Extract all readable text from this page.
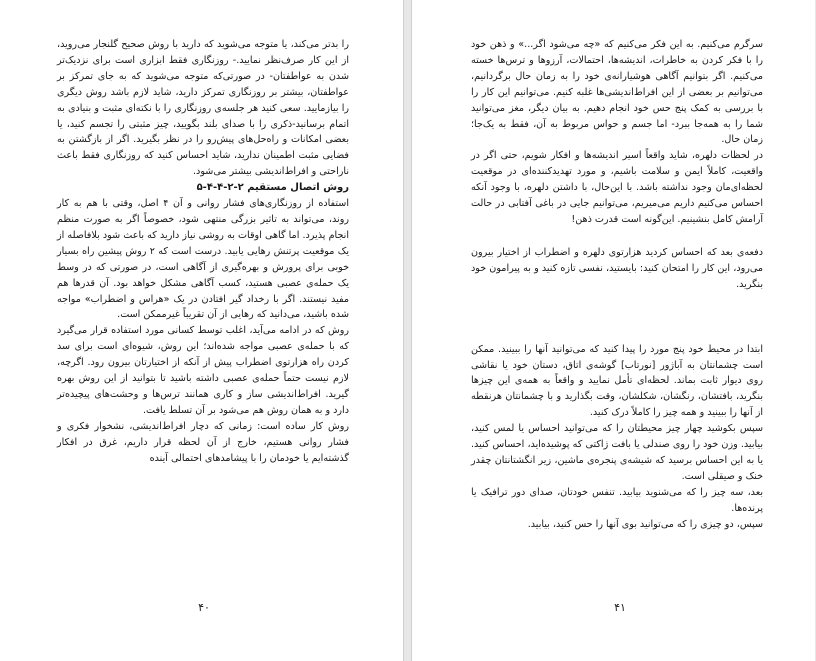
را بدتر می‌کند، یا متوجه می‌شوید که دارید با روش صحیح گلنجار می‌روید، از این کار صرف‌نظر نمایید.- روزنگاری فقط ابزاری است برای نزدیک‌تر شدن به عواطفتان- در صورتی‌که متوجه می‌شوید که به جای تمرکز بر عواطفتان، بیشتر بر روزنگاری تمرکز دارید، شاید لازم باشد روش دیگری را بیازمایید. سعی کنید هر جلسه‌ی روزنگاری را با نکته‌ای مثبت و بنیادی به اتمام برسانید-ذکری را با صدای بلند بگویید، چیز مثبتی را تجسم کنید، یا بعضی امکانات و راه‌حل‌های پیش‌رو را در نظر بگیرید. اگر از بازگشتن به فضایی مثبت اطمینان ندارید، شاید احساس کنید که روزنگاری فقط باعث ناراحتی و افراط‌اندیشی بیشتر می‌شود.

روش اتصال مستقیم ۲-۲-۴-۴-۵

استفاده از روزنگاری‌های فشار روانی و آن ۴ اصل، وقتی با هم به کار روند، می‌تواند به تاثیر بزرگی منتهی شود، خصوصاً اگر به صورت منظم انجام پذیرد. اما گاهی اوقات به روشی نیاز دارید که باعث شود بلافاصله از یک موقعیت پرتنش رهایی یابید. درست است که ۲ روش پیشین راه بسیار خوبی برای پرورش و بهره‌گیری از آگاهی است، در صورتی که در وسط یک حمله‌ی عصبی هستید، کسب آگاهی مشکل خواهد بود. آن قدرها هم مفید نیستند. اگر با رخداد گیر افتادن در یک «هراس و اضطراب» مواجه شده باشید، می‌دانید که رهایی از آن تقریباً غیرممکن است.

روش که در ادامه می‌آید، اغلب توسط کسانی مورد استفاده قرار می‌گیرد که با حمله‌ی عصبی مواجه شده‌اند؛ این روش، شیوه‌ای است برای سد کردن راه هزارتوی اضطراب پیش از آنکه از اختیارتان بیرون رود. اگرچه، لازم نیست حتماً حمله‌ی عصبی داشته باشید تا بتوانید از این روش بهره گیرید. افراط‌اندیشی ساز و کاری همانند ترس‌ها و وحشت‌های پیچیده‌تر دارد و به همان روش هم می‌شود بر آن تسلط یافت.

روش کار ساده است: زمانی که دچار افراط‌اندیشی، نشخوار فکری و فشار روانی هستیم، خارج از آن لحظه قرار داریم، غرق در افکار گذشته‌ایم یا خودمان را با پیشامدهای احتمالی آینده

۴۰

سرگرم می‌کنیم. به این فکر می‌کنیم که «چه می‌شود اگر...» و ذهن خود را با فکر کردن به خاطرات، اندیشه‌ها، احتمالات، آرزوها و ترس‌ها خسته می‌کنیم. اگر بتوانیم آگاهی هوشیارانه‌ی خود را به زمان حال برگردانیم، می‌توانیم بر بعضی از این افراط‌اندیشی‌ها غلبه کنیم. می‌توانیم این کار را با بررسی به کمک پنج حس خود انجام دهیم. به بیان دیگر، مغز می‌توانید شما را به همه‌جا ببرد- اما جسم و حواس مربوط به آن، فقط به یک‌جا؛ زمان حال.

در لحظات دلهره، شاید واقعاً اسیر اندیشه‌ها و افکار شویم، حتی اگر در واقعیت، کاملاً ایمن و سلامت باشیم، و مورد تهدیدکننده‌ای در موقعیت لحظه‌ای‌مان وجود نداشته باشد. با این‌حال، با داشتن دلهره، با وجود آنکه احساس می‌کنیم داریم می‌میریم، می‌توانیم جایی در باغی آفتابی در حالت آرامش کامل بنشینیم. این‌گونه است قدرت ذهن!

دفعه‌ی بعد که احساس کردید هزارتوی دلهره و اضطراب از اختیار بیرون می‌رود، این کار را امتحان کنید: بایستید، نفسی تازه کنید و به پیرامون خود بنگرید.

ابتدا در محیط خود پنج مورد را پیدا کنید که می‌توانید آنها را ببینید. ممکن است چشمانتان به آباژور [نورتاب] گوشه‌ی اتاق، دستان خود یا نقاشی روی دیوار ثابت بماند. لحظه‌ای تأمل نمایید و واقعاً به همه‌ی این چیزها بنگرید، بافتشان، رنگشان، شکلشان، وقت بگذارید و با چشمانتان هرنقطه از آنها را ببینید و همه چیز را کاملاً درک کنید.

سپس بکوشید چهار چیز محیطتان را که می‌توانید احساس یا لمس کنید، بیابید. وزن خود را روی صندلی یا بافت ژاکتی که پوشیده‌اید، احساس کنید. یا به این احساس برسید که شیشه‌ی پنجره‌ی ماشین، زیر انگشتانتان چقدر خنک و صیقلی است.

بعد، سه چیز را که می‌شنوید بیابید. تنفس خودتان، صدای دور ترافیک یا پرنده‌ها.

سپس، دو چیزی را که می‌توانید بوی آنها را حس کنید، بیابید.

۴۱
